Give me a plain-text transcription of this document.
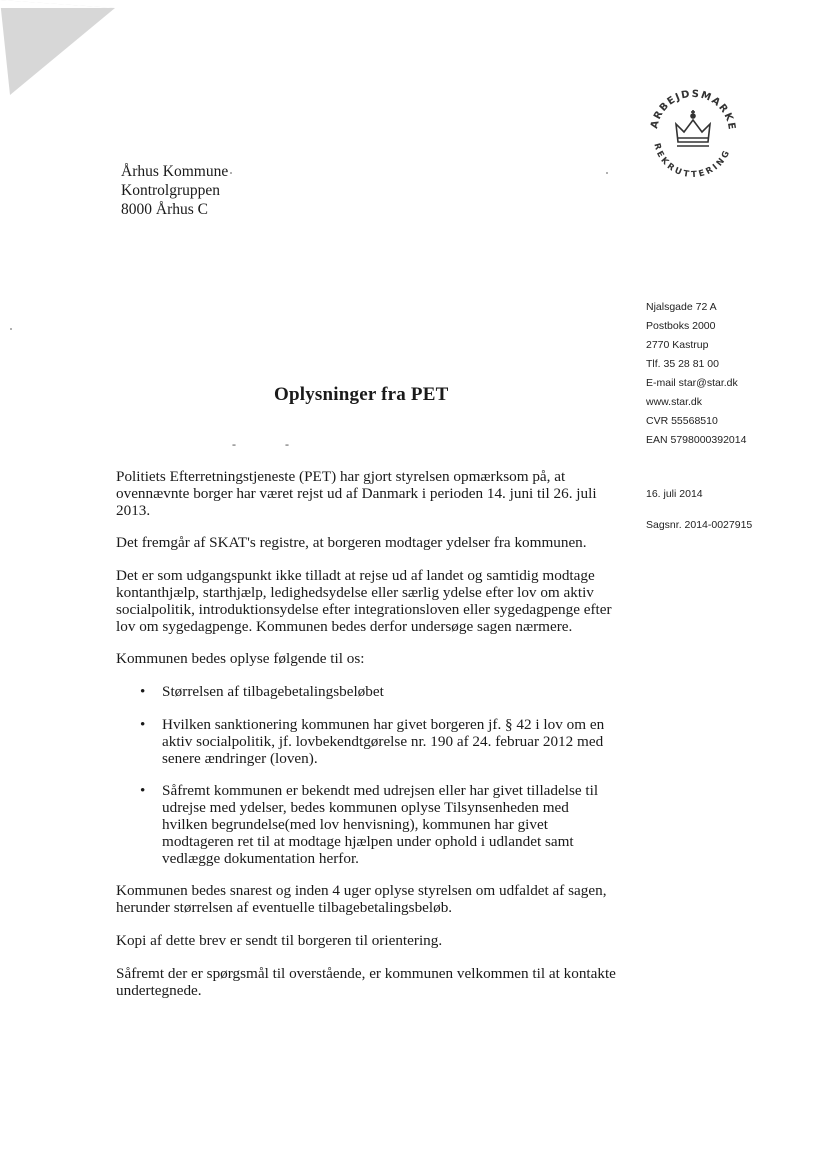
ARBEJDSMARKE
REKRUTTERING
Århus Kommune
Kontrolgruppen
8000 Århus C
Njalsgade 72 A
Postboks 2000
2770 Kastrup
Tlf. 35 28 81 00
E-mail star@star.dk
www.star.dk
CVR 55568510
EAN 5798000392014
16. juli 2014
Sagsnr. 2014-0027915
Oplysninger fra PET
-	-

Politiets Efterretningstjeneste (PET) har gjort styrelsen opmærksom på, at ovennævnte borger har været rejst ud af Danmark i perioden 14. juni til 26. juli 2013.

Det fremgår af SKAT's registre, at borgeren modtager ydelser fra kommunen.

Det er som udgangspunkt ikke tilladt at rejse ud af landet og samtidig modtage kontanthjælp, starthjælp, ledighedsydelse eller særlig ydelse efter lov om aktiv socialpolitik, introduktionsydelse efter integrationsloven eller sygedagpenge efter lov om sygedagpenge. Kommunen bedes derfor undersøge sagen nærmere.

Kommunen bedes oplyse følgende til os:

• Størrelsen af tilbagebetalingsbeløbet
• Hvilken sanktionering kommunen har givet borgeren jf. § 42 i lov om en aktiv socialpolitik, jf. lovbekendtgørelse nr. 190 af 24. februar 2012 med senere ændringer (loven).
• Såfremt kommunen er bekendt med udrejsen eller har givet tilladelse til udrejse med ydelser, bedes kommunen oplyse Tilsynsenheden med hvilken begrundelse(med lov henvisning), kommunen har givet modtageren ret til at modtage hjælpen under ophold i udlandet samt vedlægge dokumentation herfor.

Kommunen bedes snarest og inden 4 uger oplyse styrelsen om udfaldet af sagen, herunder størrelsen af eventuelle tilbagebetalingsbeløb.

Kopi af dette brev er sendt til borgeren til orientering.

Såfremt der er spørgsmål til overstående, er kommunen velkommen til at kontakte undertegnede.
